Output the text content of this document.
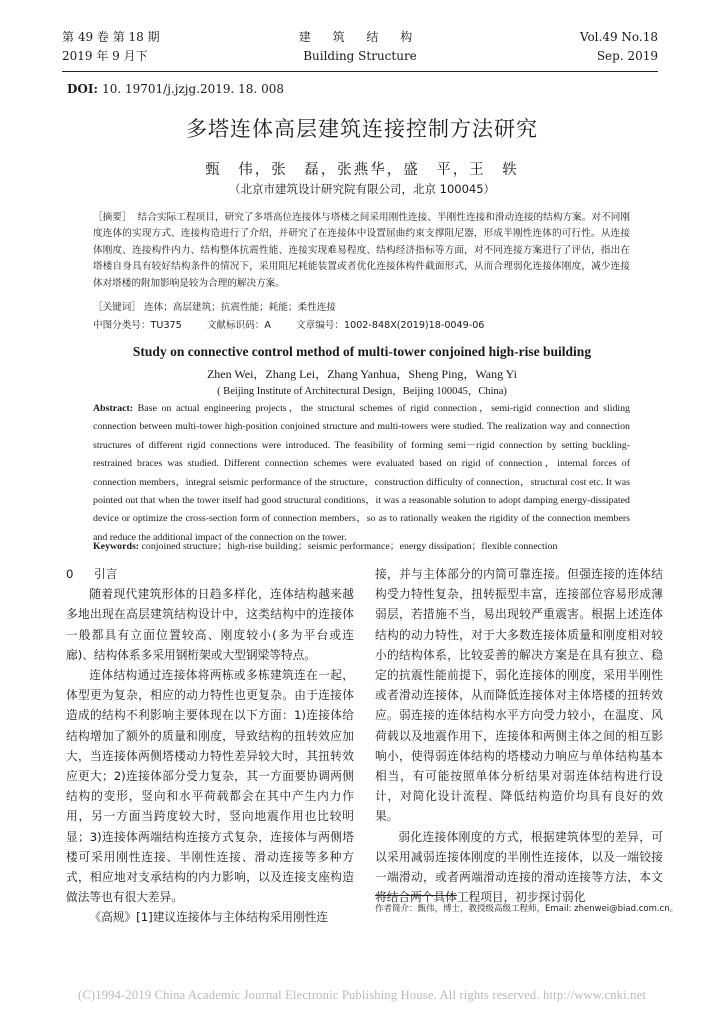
第 49 卷 第 18 期
2019 年 9 月下
建 筑 结 构
Building Structure
Vol.49 No.18
Sep. 2019
DOI: 10. 19701/j.jzjg.2019. 18. 008
多塔连体高层建筑连接控制方法研究
甄　伟，张　磊，张燕华，盛　平，王　轶
（北京市建筑设计研究院有限公司，北京 100045）
［摘要］ 结合实际工程项目，研究了多塔高位连接体与塔楼之间采用刚性连接、半刚性连接和滑动连接的结构方案。对不同刚度连体的实现方式、连接构造进行了介绍，并研究了在连接体中设置屈曲约束支撑阻尼器，形成半刚性连体的可行性。从连接体刚度、连接构件内力、结构整体抗震性能、连接实现难易程度、结构经济指标等方面，对不同连接方案进行了评估，指出在塔楼自身具有较好结构条件的情况下，采用阻尼耗能装置或者优化连接体构件截面形式，从而合理弱化连接体刚度，减少连接体对塔楼的附加影响是较为合理的解决方案。
［关键词］ 连体；高层建筑；抗震性能；耗能；柔性连接
中图分类号：TU375	文献标识码：A	文章编号：1002-848X(2019)18-0049-06
Study on connective control method of multi-tower conjoined high-rise building
Zhen Wei，Zhang Lei，Zhang Yanhua，Sheng Ping，Wang Yi
( Beijing Institute of Architectural Design，Beijing 100045，China)
Abstract: Base on actual engineering projects，the structural schemes of rigid connection，semi-rigid connection and sliding connection between multi-tower high-position conjoined structure and multi-towers were studied. The realization way and connection structures of different rigid connections were introduced. The feasibility of forming semi－rigid connection by setting buckling-restrained braces was studied. Different connection schemes were evaluated based on rigid of connection，internal forces of connection members，integral seismic performance of the structure，construction difficulty of connection，structural cost etc. It was pointed out that when the tower itself had good structural conditions，it was a reasonable solution to adopt damping energy-dissipated device or optimize the cross-section form of connection members，so as to rationally weaken the rigidity of the connection members and reduce the additional impact of the connection on the tower.
Keywords: conjoined structure；high-rise building；seismic performance；energy dissipation；flexible connection

0 引言

随着现代建筑形体的日趋多样化，连体结构越来越多地出现在高层建筑结构设计中，这类结构中的连接体一般都具有立面位置较高、刚度较小(多为平台或连廊)、结构体系多采用钢桁架或大型钢梁等特点。

连体结构通过连接体将两栋或多栋建筑连在一起，体型更为复杂，相应的动力特性也更复杂。由于连接体造成的结构不利影响主要体现在以下方面：1)连接体给结构增加了额外的质量和刚度，导致结构的扭转效应加大，当连接体两侧塔楼动力特性差异较大时，其扭转效应更大；2)连接体部分受力复杂，其一方面要协调两侧结构的变形，竖向和水平荷载都会在其中产生内力作用，另一方面当跨度较大时，竖向地震作用也比较明显；3)连接体两端结构连接方式复杂，连接体与两侧塔楼可采用刚性连接、半刚性连接、滑动连接等多种方式，相应地对支承结构的内力影响，以及连接支座构造做法等也有很大差异。

《高规》[1]建议连接体与主体结构采用刚性连

接，并与主体部分的内筒可靠连接。但强连接的连体结构受力特性复杂，扭转振型丰富，连接部位容易形成薄弱层，若措施不当，易出现较严重震害。根据上述连体结构的动力特性，对于大多数连接体质量和刚度相对较小的结构体系，比较妥善的解决方案是在具有独立、稳定的抗震性能前提下，弱化连接体的刚度，采用半刚性或者滑动连接体，从而降低连接体对主体塔楼的扭转效应。弱连接的连体结构水平方向受力较小，在温度、风荷载以及地震作用下，连接体和两侧主体之间的相互影响小，使得弱连体结构的塔楼动力响应与单体结构基本相当，有可能按照单体分析结果对弱连体结构进行设计，对简化设计流程、降低结构造价均具有良好的效果。

弱化连接体刚度的方式，根据建筑体型的差异，可以采用减弱连接体刚度的半刚性连接体，以及一端铰接一端滑动，或者两端滑动连接的滑动连接等方法，本文将结合两个具体工程项目，初步探讨弱化

作者简介：甄伟，博士，教授级高级工程师，Email: zhenwei@biad.com.cn。
(C)1994-2019 China Academic Journal Electronic Publishing House. All rights reserved. http://www.cnki.net
